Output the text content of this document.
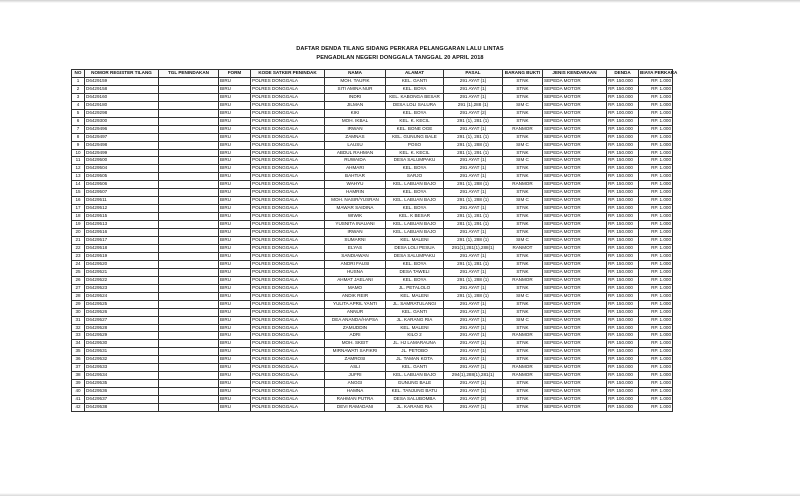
DAFTAR DENDA TILANG SIDANG PERKARA PELANGGARAN LALU LINTAS
PENGADILAN NEGERI DONGGALA TANGGAL 20 APRIL 2018
NO	NOMOR REGISTER TILANG	TGL PENINDAKAN	FORM	KODE SATKER PENINDAK	NAMA	ALAMAT	PASAL	BARANG BUKTI	JENIS KENDARAAN	DENDA	BIAYA PERKARA
1	D6429159		BIRU	POLRES DONGGALA	MOH. TAUFIK	KEL. GANTI	291 AYAT (1)	STNK	SEPEDA MOTOR	RP. 150.000	RP. 1.000
2	D6429158		BIRU	POLRES DONGGALA	SITI AMINA NUR	KEL. BOYA	291 AYAT (1)	STNK	SEPEDA MOTOR	RP. 150.000	RP. 1.000
3	D6429160		BIRU	POLRES DONGGALA	INDRI	KEL. KABONGA BESAR	291 AYAT (1)	STNK	SEPEDA MOTOR	RP. 150.000	RP. 1.000
4	D6429180		BIRU	POLRES DONGGALA	JILMAN	DESA LOLI SALURA	291 (1),288 (1)	SIM C	SEPEDA MOTOR	RP. 150.000	RP. 1.000
5	D6429298		BIRU	POLRES DONGGALA	KIKI	KEL. BOYA	291 AYAT (2)	STNK	SEPEDA MOTOR	RP. 100.000	RP. 1.000
6	D6429300		BIRU	POLRES DONGGALA	MOH. IKBAL	KEL. K. KECIL	291 (1), 281 (1)	STNK	SEPEDA MOTOR	RP. 150.000	RP. 1.000
7	D6429496		BIRU	POLRES DONGGALA	IRWAN	KEL. BONE OGE	291 AYAT (1)	RANMOR	SEPEDA MOTOR	RP. 150.000	RP. 1.000
8	D6429497		BIRU	POLRES DONGGALA	ZAMNAS	KEL. GUNUNG BALE	291 (1), 281 (1)	STNK	SEPEDA MOTOR	RP. 150.000	RP. 1.000
9	D6429498		BIRU	POLRES DONGGALA	LAUSU	POSO	291 (1), 288 (1)	SIM C	SEPEDA MOTOR	RP. 150.000	RP. 1.000
10	D6429499		BIRU	POLRES DONGGALA	ABDUL RAHMAN	KEL. K. KECIL	281 (1), 291 (1)	STNK	SEPEDA MOTOR	RP. 150.000	RP. 1.000
11	D6429500		BIRU	POLRES DONGGALA	RUWAIDA	DESA SALUMPAKU	291 AYAT (1)	SIM C	SEPEDA MOTOR	RP. 150.000	RP. 1.000
12	D6429504		BIRU	POLRES DONGGALA	AHMARI	KEL. BOYA	291 AYAT (1)	STNK	SEPEDA MOTOR	RP. 150.000	RP. 1.000
13	D6429505		BIRU	POLRES DONGGALA	BAHTIAR	SARJO	291 AYAT (1)	STNK	SEPEDA MOTOR	RP. 150.000	RP. 1.000
14	D6429506		BIRU	POLRES DONGGALA	WAHYU	KEL. LABUAN BAJO	291 (1), 288 (1)	RANMOR	SEPEDA MOTOR	RP. 150.000	RP. 1.000
15	D6429507		BIRU	POLRES DONGGALA	HAMRIN	KEL. BOYA	291 AYAT (1)	STNK	SEPEDA MOTOR	RP. 150.000	RP. 1.000
16	D6429511		BIRU	POLRES DONGGALA	MOH. NASIR/YUSRAN	KEL. LABUAN BAJO	291 (1), 288 (1)	SIM C	SEPEDA MOTOR	RP. 150.000	RP. 1.000
17	D6429512		BIRU	POLRES DONGGALA	MAWAR SAIDINA	KEL. BOYA	291 AYAT (1)	STNK	SEPEDA MOTOR	RP. 150.000	RP. 1.000
18	D6429515		BIRU	POLRES DONGGALA	WIWIK	KEL. K BESAR	291 (1), 281 (1)	STNK	SEPEDA MOTOR	RP. 150.000	RP. 1.000
19	D6429513		BIRU	POLRES DONGGALA	YUSNITA INAUANI	KEL. LABUAN BAJO	281 (1), 291 (1)	STNK	SEPEDA MOTOR	RP. 150.000	RP. 1.000
20	D6429516		BIRU	POLRES DONGGALA	IRWAN	KEL. LABUAN BAJO	291 AYAT (1)	STNK	SEPEDA MOTOR	RP. 150.000	RP. 1.000
21	D6429517		BIRU	POLRES DONGGALA	SUMARNI	KEL. MALENI	291 (1), 288 (1)	SIM C	SEPEDA MOTOR	RP. 150.000	RP. 1.000
22	D6429518		BIRU	POLRES DONGGALA	ELYAS	DESA LOLI PESUA	291(1),281(1),288(1)	RANMOT	SEPEDA MOTOR	RP. 150.000	RP. 1.000
23	D6429519		BIRU	POLRES DONGGALA	SANDIAWAN	DESA SALUMPAKU	291 AYAT (1)	STNK	SEPEDA MOTOR	RP. 150.000	RP. 1.000
24	D6429520		BIRU	POLRES DONGGALA	ANDRI FAUSI	KEL. BOYA	291 (1), 281 (1)	STNK	SEPEDA MOTOR	RP. 150.000	RP. 1.000
25	D6429521		BIRU	POLRES DONGGALA	HUSNA	DESA TAWELI	291 AYAT (1)	STNK	SEPEDA MOTOR	RP. 150.000	RP. 1.000
26	D6429522		BIRU	POLRES DONGGALA	AHMAT JAELANI	KEL. BOYA	291 (1), 288 (1)	RANMOR	SEPEDA MOTOR	RP. 150.000	RP. 1.000
27	D6429523		BIRU	POLRES DONGGALA	MAMO	JL. PETALOLO	291 AYAT (1)	STNK	SEPEDA MOTOR	RP. 150.000	RP. 1.000
28	D6429524		BIRU	POLRES DONGGALA	ANDIK REIR	KEL. MALENI	291 (1), 288 (1)	SIM C	SEPEDA MOTOR	RP. 150.000	RP. 1.000
29	D6429525		BIRU	POLRES DONGGALA	YULITA APRIL YANTI	JL. SAMRATULANGI	291 AYAT (1)	STNK	SEPEDA MOTOR	RP. 150.000	RP. 1.000
30	D6429526		BIRU	POLRES DONGGALA	ANNUR	KEL. GANTI	291 AYAT (1)	STNK	SEPEDA MOTOR	RP. 150.000	RP. 1.000
31	D6429527		BIRU	POLRES DONGGALA	DEA ANANDA/HAPSA	JL. KARANG RIA	291 AYAT (1)	SIM C	SEPEDA MOTOR	RP. 150.000	RP. 1.000
32	D6429528		BIRU	POLRES DONGGALA	ZAMUDDIN	KEL. MALENI	291 AYAT (1)	STNK	SEPEDA MOTOR	RP. 150.000	RP. 1.000
33	D6429529		BIRU	POLRES DONGGALA	ADRI	KILO 2	291 AYAT (1)	RANMOR	SEPEDA MOTOR	RP. 150.000	RP. 1.000
34	D6429530		BIRU	POLRES DONGGALA	MOH. SKEIT	JL. HJ LAMARAUNA	291 AYAT (1)	STNK	SEPEDA MOTOR	RP. 150.000	RP. 1.000
35	D6429531		BIRU	POLRES DONGGALA	MIRNAWATI SAFIKRI	JL. PETOBO	291 AYAT (1)	STNK	SEPEDA MOTOR	RP. 150.000	RP. 1.000
36	D6429532		BIRU	POLRES DONGGALA	ZAMROSI	JL. TAMAN KOTA	291 AYAT (1)	STNK	SEPEDA MOTOR	RP. 150.000	RP. 1.000
37	D6429533		BIRU	POLRES DONGGALA	ASLI	KEL. GANTI	291 AYAT (1)	RANMOR	SEPEDA MOTOR	RP. 150.000	RP. 1.000
38	D6429534		BIRU	POLRES DONGGALA	JUFRI	KEL. LABUAN BAJO	294(1),288(1),281(1)	RANMOR	SEPEDA MOTOR	RP. 150.000	RP. 1.000
39	D6429535		BIRU	POLRES DONGGALA	ANGGI	GUNUNG BALE	291 AYAT (1)	STNK	SEPEDA MOTOR	RP. 150.000	RP. 1.000
40	D6429536		BIRU	POLRES DONGGALA	HAMNA	KEL. TANJUNG BATU	291 AYAT (1)	STNK	SEPEDA MOTOR	RP. 150.000	RP. 1.000
41	D6429537		BIRU	POLRES DONGGALA	RAHMAN PUTRA	DESA SALUBOMBA	291 AYAT (2)	STNK	SEPEDA MOTOR	RP. 100.000	RP. 1.000
42	D6429538		BIRU	POLRES DONGGALA	DEVI RAMADANI	JL. KARANG RIA	291 AYAT (1)	STNK	SEPEDA MOTOR	RP. 150.000	RP. 1.000
